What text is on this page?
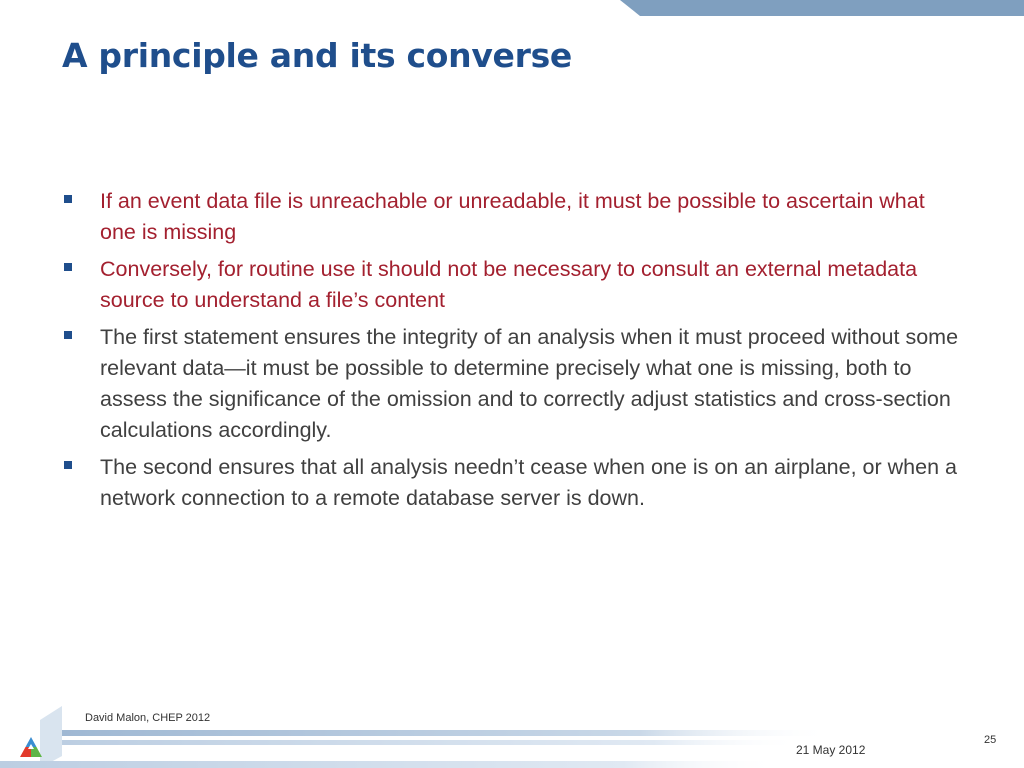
A principle and its converse
If an event data file is unreachable or unreadable, it must be possible to ascertain what one is missing
Conversely, for routine use it should not be necessary to consult an external metadata source to understand a file’s content
The first statement ensures the integrity of an analysis when it must proceed without some relevant data—it must be possible to determine precisely what one is missing, both to assess the significance of the omission and to correctly adjust statistics and cross-section calculations accordingly.
The second ensures that all analysis needn’t cease when one is on an airplane, or when a network connection to a remote database server is down.
David Malon, CHEP 2012
21 May 2012
25
